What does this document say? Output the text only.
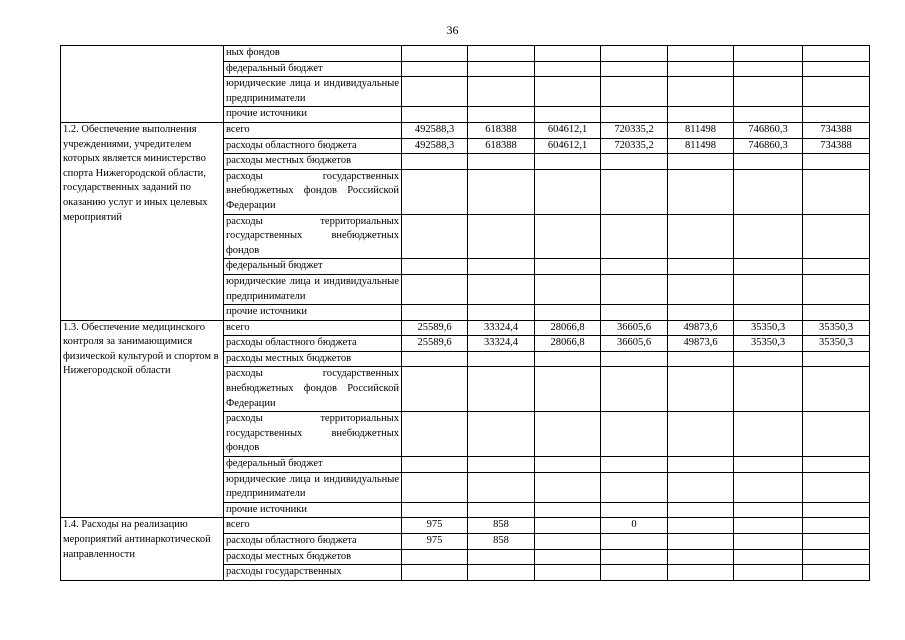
36
	ных фондов							
	федеральный бюджет							
	юридические лица и индивидуальные предприниматели							
	прочие источники							
1.2. Обеспечение выполнения учреждениями, учредителем которых является министерство спорта Нижегородской области, государственных заданий по оказанию услуг и иных целевых мероприятий	всего	492588,3	618388	604612,1	720335,2	811498	746860,3	734388
	расходы областного бюджета	492588,3	618388	604612,1	720335,2	811498	746860,3	734388
	расходы местных бюджетов							
	расходы государственных внебюджетных фондов Российской Федерации							
	расходы территориальных государственных внебюджетных фондов							
	федеральный бюджет							
	юридические лица и индивидуальные предприниматели							
	прочие источники							
1.3. Обеспечение медицинского контроля за занимающимися физической культурой и спортом в Нижегородской области	всего	25589,6	33324,4	28066,8	36605,6	49873,6	35350,3	35350,3
	расходы областного бюджета	25589,6	33324,4	28066,8	36605,6	49873,6	35350,3	35350,3
	расходы местных бюджетов							
	расходы государственных внебюджетных фондов Российской Федерации							
	расходы территориальных государственных внебюджетных фондов							
	федеральный бюджет							
	юридические лица и индивидуальные предприниматели							
	прочие источники							
1.4. Расходы на реализацию мероприятий антинаркотической направленности	всего	975	858		0			
	расходы областного бюджета	975	858					
	расходы местных бюджетов							
	расходы государственных							
